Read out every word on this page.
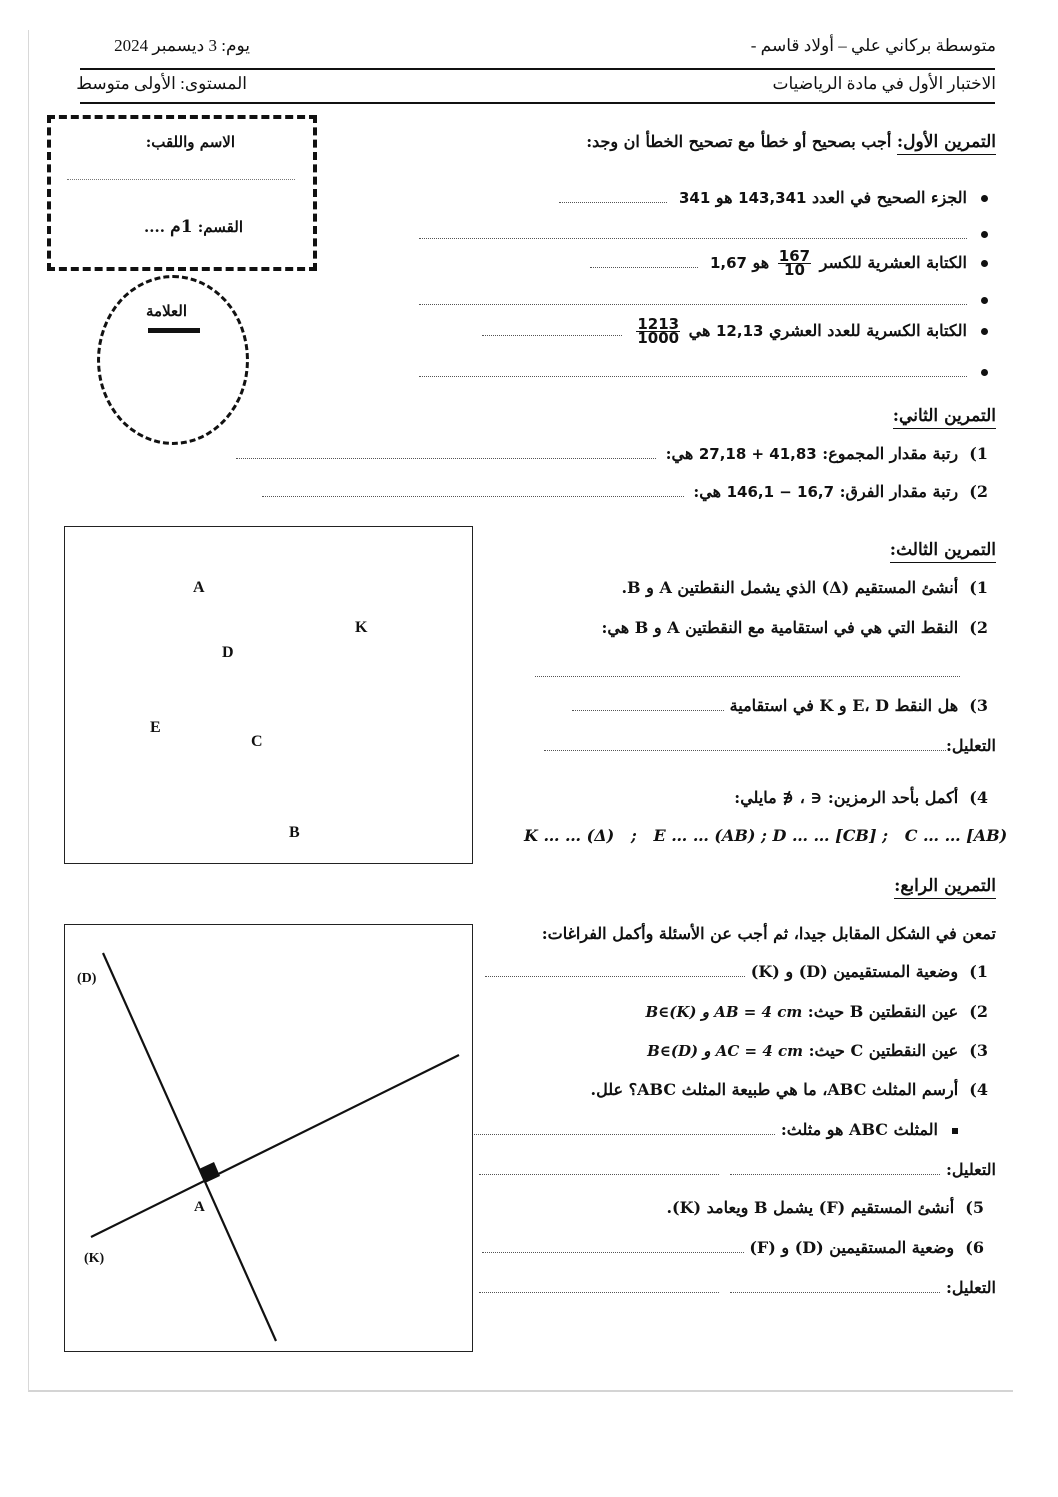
متوسطة بركاني علي – أولاد قاسم -
يوم: 3 ديسمبر 2024
الاختبار الأول في مادة الرياضيات
المستوى: الأولى متوسط
الاسم واللقب:
القسم: 1م ....
العلامة
التمرين الأول: أجب بصحيح أو خطأ مع تصحيح الخطأ ان وجد:
الجزء الصحيح في العدد 143,341 هو 341
الكتابة العشرية للكسر
$\frac{167}{10}$
هو 1,67
الكتابة الكسرية للعدد العشري 12,13 هي
$\frac{1213}{1000}$

التمرين الثاني:
1)  رتبة مقدار المجموع: 27,18 + 41,83 هي:
2)  رتبة مقدار الفرق: 146,1 − 16,7 هي:
A
K
D
E
C
B
التمرين الثالث:
1)  أنشئ المستقيم (Δ) الذي يشمل النقطتين A و B.
2)  النقط التي هي في استقامية مع النقطتين A و B هي:
3)  هل النقط E، D و K في استقامية
التعليل:
4)  أكمل بأحد الرمزين: ∈ ، ∉ مايلي:
K … … (Δ)   ;   E … … (AB) ; D … … [CB] ;   C … … [AB)
التمرين الرابع:
تمعن في الشكل المقابل جيدا، ثم أجب عن الأسئلة وأكمل الفراغات:
1)  وضعية المستقيمين (D) و (K)
2)  عين النقطتين B حيث: B∈(K) و AB = 4 cm
3)  عين النقطتين C حيث: B∈(D) و AC = 4 cm
4)  أرسم المثلث ABC، ما هي طبيعة المثلث ABC؟ علل.
المثلث ABC هو مثلث:
التعليل:
5)  أنشئ المستقيم (F) يشمل B ويعامد (K).
6)  وضعية المستقيمين (D) و (F)
التعليل:
(D)
(K)
A
